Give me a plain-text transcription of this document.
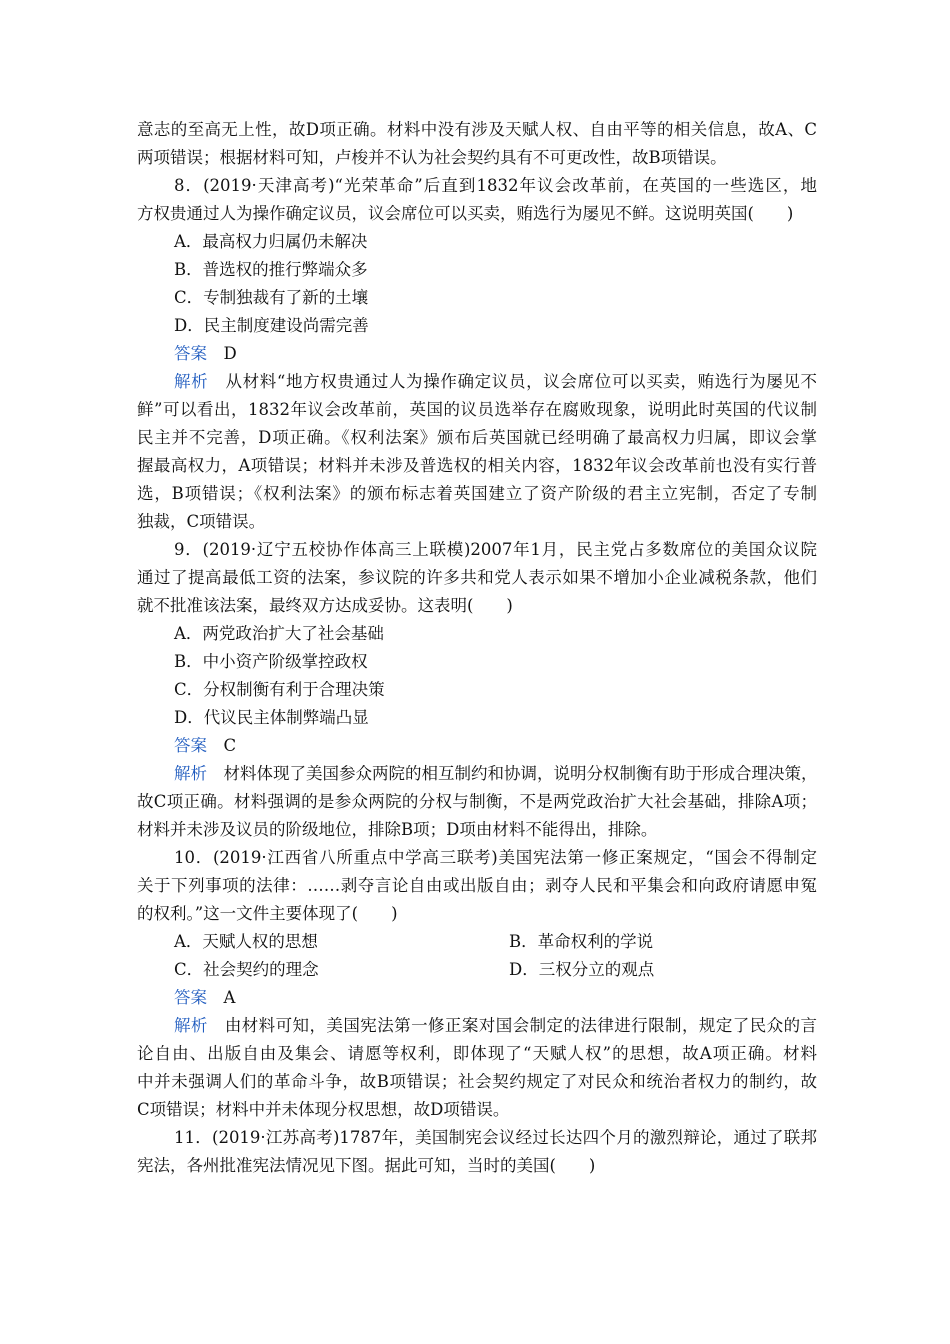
意志的至高无上性，故D项正确。材料中没有涉及天赋人权、自由平等的相关信息，故A、C
两项错误；根据材料可知，卢梭并不认为社会契约具有不可更改性，故B项错误。
8．(2019·天津高考)“光荣革命”后直到1832年议会改革前，在英国的一些选区，地
方权贵通过人为操作确定议员，议会席位可以买卖，贿选行为屡见不鲜。这说明英国(　　)
A．最高权力归属仍未解决
B．普选权的推行弊端众多
C．专制独裁有了新的土壤
D．民主制度建设尚需完善
答案　 D
解析　 从材料“地方权贵通过人为操作确定议员，议会席位可以买卖，贿选行为屡见不
鲜”可以看出，1832年议会改革前，英国的议员选举存在腐败现象，说明此时英国的代议制
民主并不完善，D项正确。《权利法案》颁布后英国就已经明确了最高权力归属，即议会掌
握最高权力，A项错误；材料并未涉及普选权的相关内容，1832年议会改革前也没有实行普
选，B项错误；《权利法案》的颁布标志着英国建立了资产阶级的君主立宪制，否定了专制
独裁，C项错误。
9．(2019·辽宁五校协作体高三上联模)2007年1月，民主党占多数席位的美国众议院
通过了提高最低工资的法案，参议院的许多共和党人表示如果不增加小企业减税条款，他们
就不批准该法案，最终双方达成妥协。这表明(　　)
A．两党政治扩大了社会基础
B．中小资产阶级掌控政权
C．分权制衡有利于合理决策
D．代议民主体制弊端凸显
答案　 C
解析　 材料体现了美国参众两院的相互制约和协调，说明分权制衡有助于形成合理决策，
故C项正确。材料强调的是参众两院的分权与制衡，不是两党政治扩大社会基础，排除A项；
材料并未涉及议员的阶级地位，排除B项；D项由材料不能得出，排除。
10．(2019·江西省八所重点中学高三联考)美国宪法第一修正案规定，“国会不得制定
关于下列事项的法律：……剥夺言论自由或出版自由；剥夺人民和平集会和向政府请愿申冤
的权利。”这一文件主要体现了(　　)
A．天赋人权的思想	B．革命权利的学说
C．社会契约的理念	D．三权分立的观点
答案　 A
解析　 由材料可知，美国宪法第一修正案对国会制定的法律进行限制，规定了民众的言
论自由、出版自由及集会、请愿等权利，即体现了“天赋人权”的思想，故A项正确。材料
中并未强调人们的革命斗争，故B项错误；社会契约规定了对民众和统治者权力的制约，故
C项错误；材料中并未体现分权思想，故D项错误。
11．(2019·江苏高考)1787年，美国制宪会议经过长达四个月的激烈辩论，通过了联邦
宪法，各州批准宪法情况见下图。据此可知，当时的美国(　　)
